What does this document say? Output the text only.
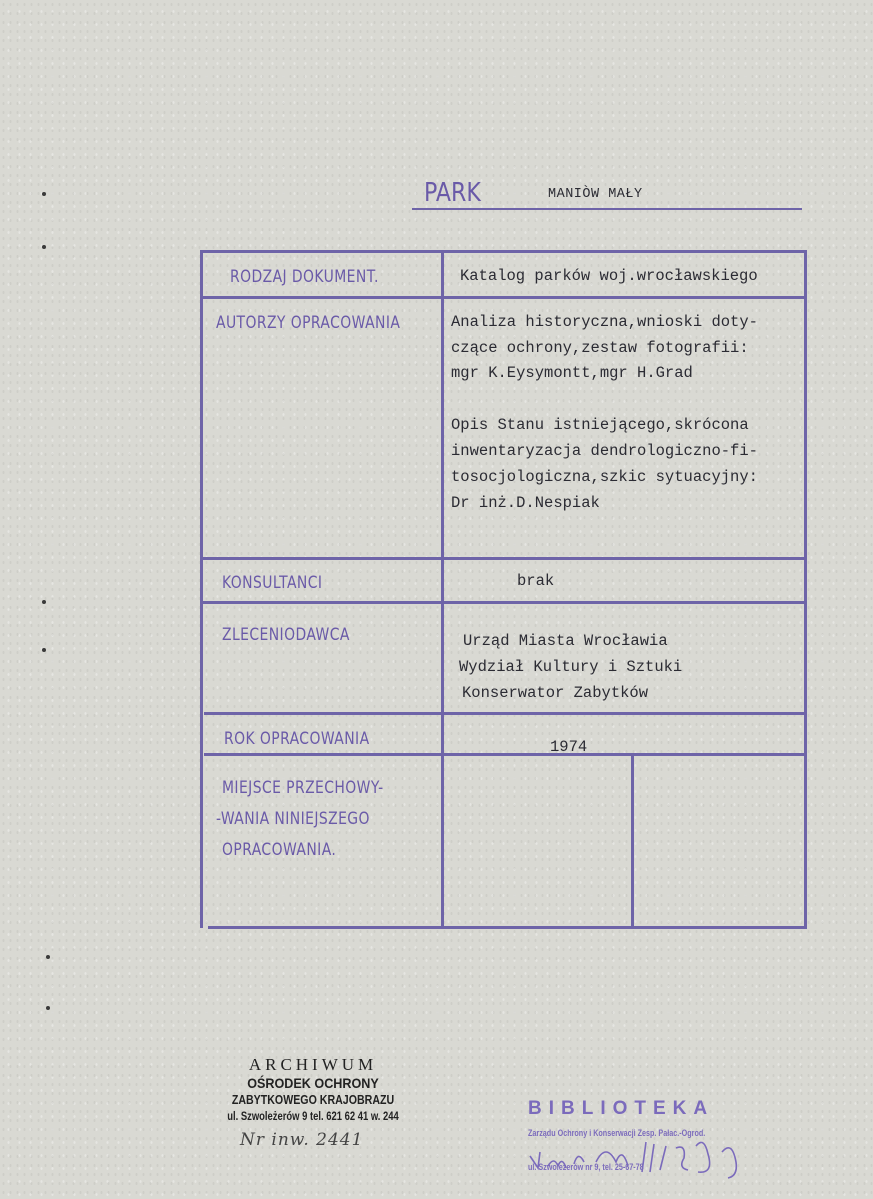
PARK	MANIÒW MAŁY
RODZAJ DOKUMENT.	Katalog parków woj.wrocławskiego
AUTORZY OPRACOWANIA	Analiza historyczna,wnioski doty-
czące ochrony,zestaw fotografii:
mgr K.Eysymontt,mgr H.Grad
Opis Stanu istniejącego,skrócona
inwentaryzacja dendrologiczno-fi-
tosocjologiczna,szkic sytuacyjny:
Dr inż.D.Nespiak
KONSULTANCI	brak
ZLECENIODAWCA	Urząd Miasta Wrocławia
Wydział Kultury i Sztuki
Konserwator Zabytków
ROK OPRACOWANIA	1974
MIEJSCE PRZECHOWY-
-WANIA NINIEJSZEGO
OPRACOWANIA.
ARCHIWUM
OŚRODEK OCHRONY
ZABYTKOWEGO KRAJOBRAZU
ul. Szwoleżerów 9 tel. 621 62 41 w. 244
Nr inw. 2441
BIBLIOTEKA
Zarządu Ochrony i Konserwacji Zesp. Pałac.-Ogrod.
ul. Szwoleżerów nr 9, tel. 25-67-78
